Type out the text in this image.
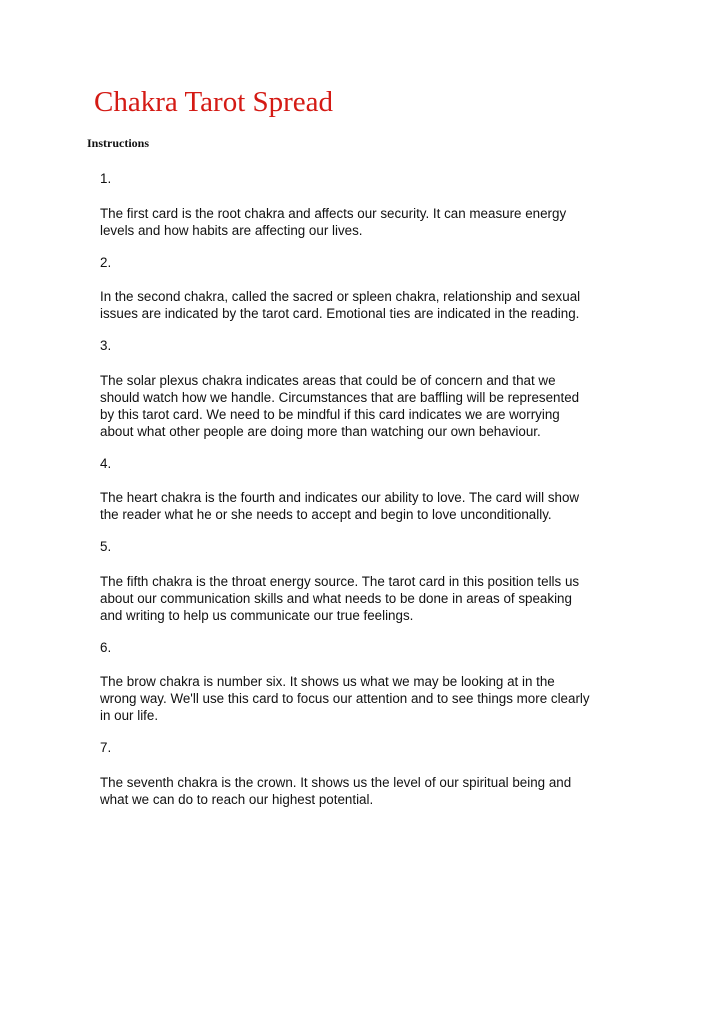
Chakra Tarot Spread
Instructions

1.

The first card is the root chakra and affects our security. It can measure energy
levels and how habits are affecting our lives.

2.

In the second chakra, called the sacred or spleen chakra, relationship and sexual
issues are indicated by the tarot card. Emotional ties are indicated in the reading.

3.

The solar plexus chakra indicates areas that could be of concern and that we
should watch how we handle. Circumstances that are baffling will be represented
by this tarot card. We need to be mindful if this card indicates we are worrying
about what other people are doing more than watching our own behaviour.

4.

The heart chakra is the fourth and indicates our ability to love. The card will show
the reader what he or she needs to accept and begin to love unconditionally.

5.

The fifth chakra is the throat energy source. The tarot card in this position tells us
about our communication skills and what needs to be done in areas of speaking
and writing to help us communicate our true feelings.

6.

The brow chakra is number six. It shows us what we may be looking at in the
wrong way. We'll use this card to focus our attention and to see things more clearly
in our life.

7.

The seventh chakra is the crown. It shows us the level of our spiritual being and
what we can do to reach our highest potential.
